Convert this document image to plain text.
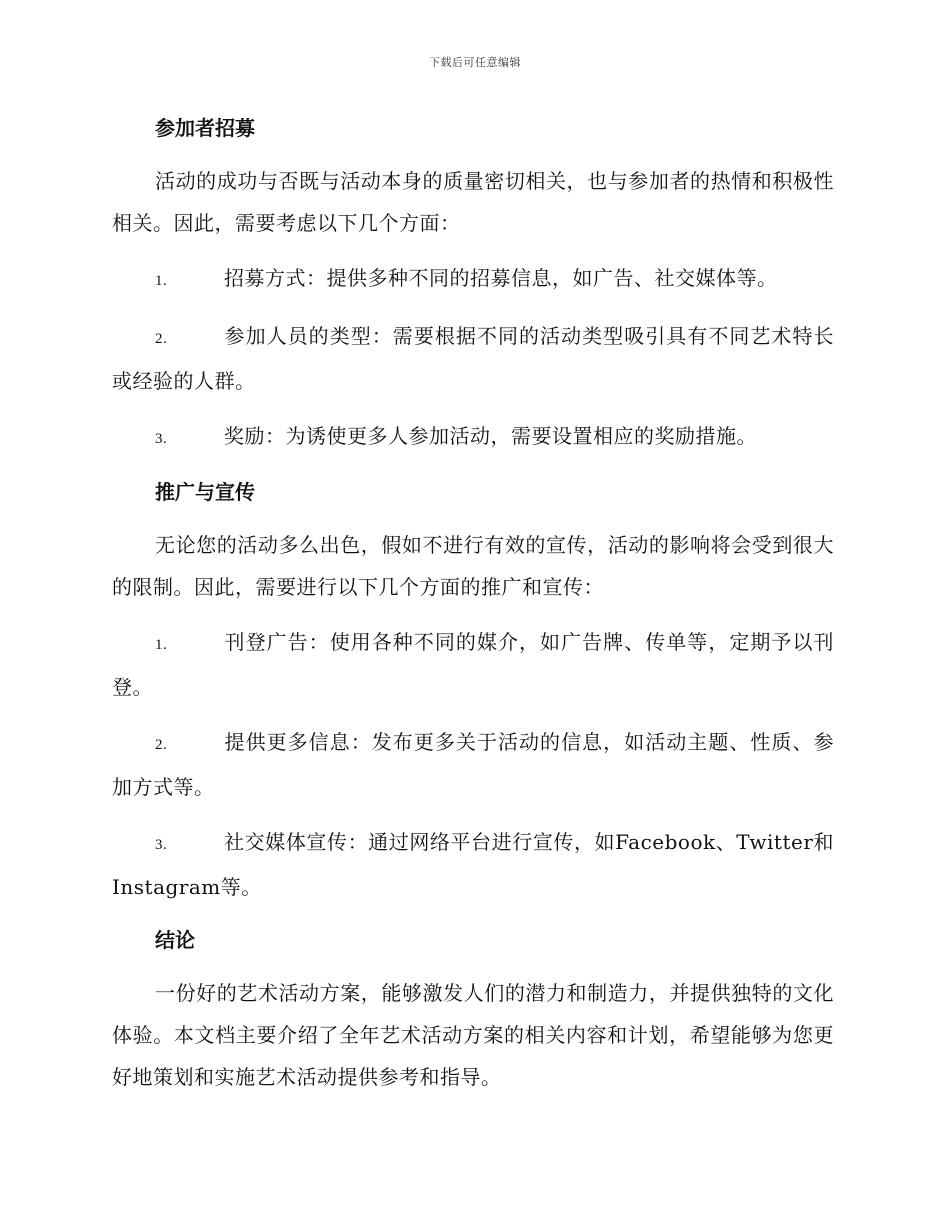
下载后可任意编辑
参加者招募

活动的成功与否既与活动本身的质量密切相关，也与参加者的热情和积极性相关。因此，需要考虑以下几个方面：

1.	招募方式：提供多种不同的招募信息，如广告、社交媒体等。

2.	参加人员的类型：需要根据不同的活动类型吸引具有不同艺术特长或经验的人群。

3.	奖励：为诱使更多人参加活动，需要设置相应的奖励措施。

推广与宣传

无论您的活动多么出色，假如不进行有效的宣传，活动的影响将会受到很大的限制。因此，需要进行以下几个方面的推广和宣传：

1.	刊登广告：使用各种不同的媒介，如广告牌、传单等，定期予以刊登。

2.	提供更多信息：发布更多关于活动的信息，如活动主题、性质、参加方式等。

3.	社交媒体宣传：通过网络平台进行宣传，如Facebook、Twitter和Instagram等。

结论

一份好的艺术活动方案，能够激发人们的潜力和制造力，并提供独特的文化体验。本文档主要介绍了全年艺术活动方案的相关内容和计划，希望能够为您更好地策划和实施艺术活动提供参考和指导。
